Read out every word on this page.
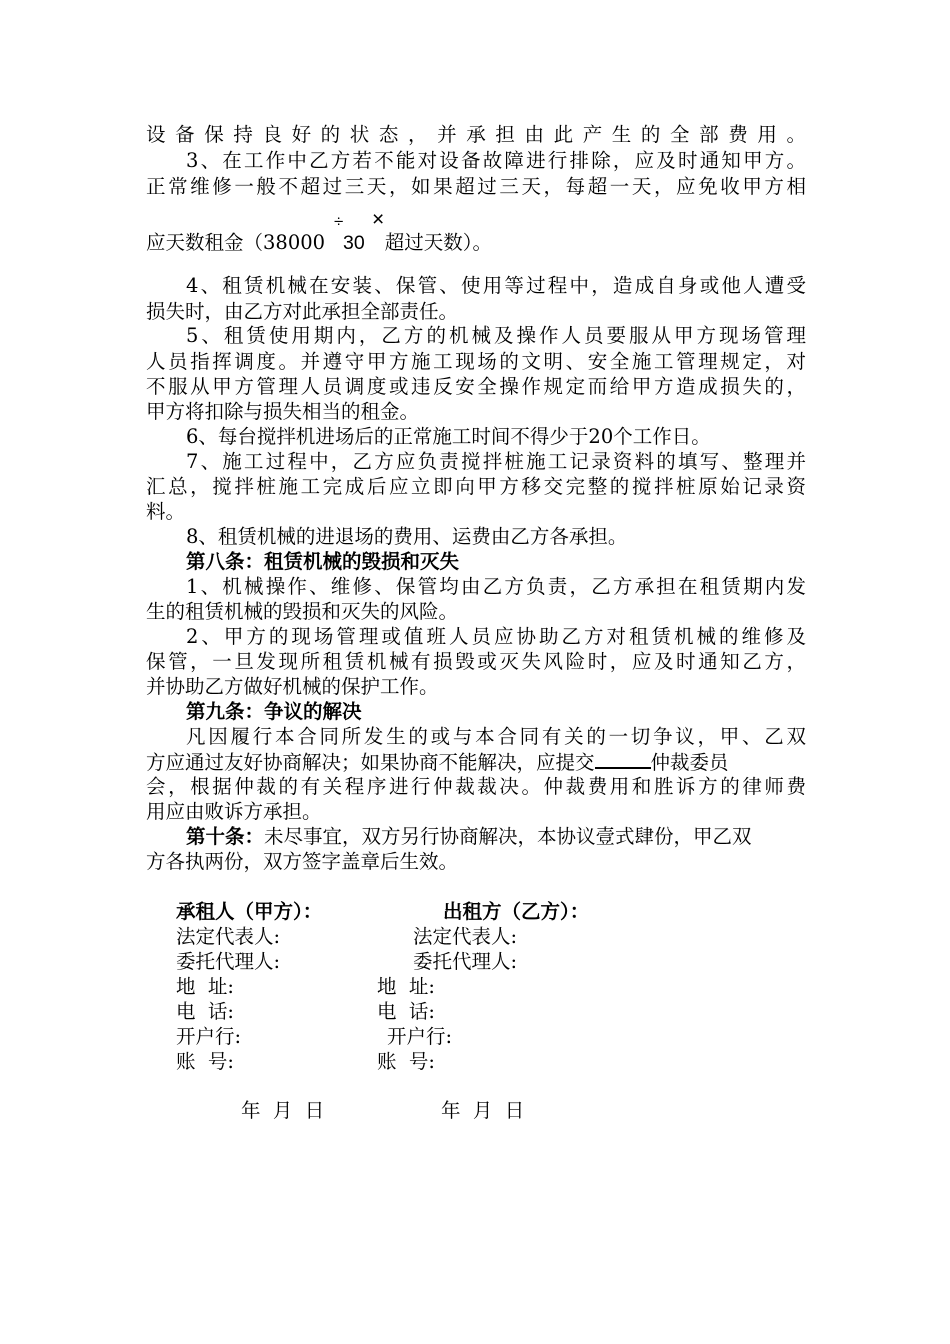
设备保持良好的状态，并承担由此产生的全部费用。
3、在工作中乙方若不能对设备故障进行排除，应及时通知甲方。
正常维修一般不超过三天，如果超过三天，每超一天，应免收甲方相
应天数租金（38000 30 超过天数）。
÷ ×
4、租赁机械在安装、保管、使用等过程中，造成自身或他人遭受
损失时，由乙方对此承担全部责任。
5、租赁使用期内，乙方的机械及操作人员要服从甲方现场管理
人员指挥调度。并遵守甲方施工现场的文明、安全施工管理规定，对
不服从甲方管理人员调度或违反安全操作规定而给甲方造成损失的，
甲方将扣除与损失相当的租金。
6、每台搅拌机进场后的正常施工时间不得少于20个工作日。
7、施工过程中，乙方应负责搅拌桩施工记录资料的填写、整理并
汇总，搅拌桩施工完成后应立即向甲方移交完整的搅拌桩原始记录资
料。
8、租赁机械的进退场的费用、运费由乙方各承担。
第八条：租赁机械的毁损和灭失
1、机械操作、维修、保管均由乙方负责，乙方承担在租赁期内发
生的租赁机械的毁损和灭失的风险。
2、甲方的现场管理或值班人员应协助乙方对租赁机械的维修及
保管，一旦发现所租赁机械有损毁或灭失风险时，应及时通知乙方，
并协助乙方做好机械的保护工作。
第九条：争议的解决
凡因履行本合同所发生的或与本合同有关的一切争议，甲、乙双
方应通过友好协商解决；如果协商不能解决，应提交	仲裁委员
会，根据仲裁的有关程序进行仲裁裁决。仲裁费用和胜诉方的律师费
用应由败诉方承担。
第十条：未尽事宜，双方另行协商解决，本协议壹式肆份，甲乙双
方各执两份，双方签字盖章后生效。
承租人（甲方）：	出租方（乙方）：
法定代表人:	法定代表人:
委托代理人:	委托代理人:
地  址:	地  址:
电  话:	电  话:
开户行:	开户行:
账  号:	账  号:
年  月  日	年  月  日
